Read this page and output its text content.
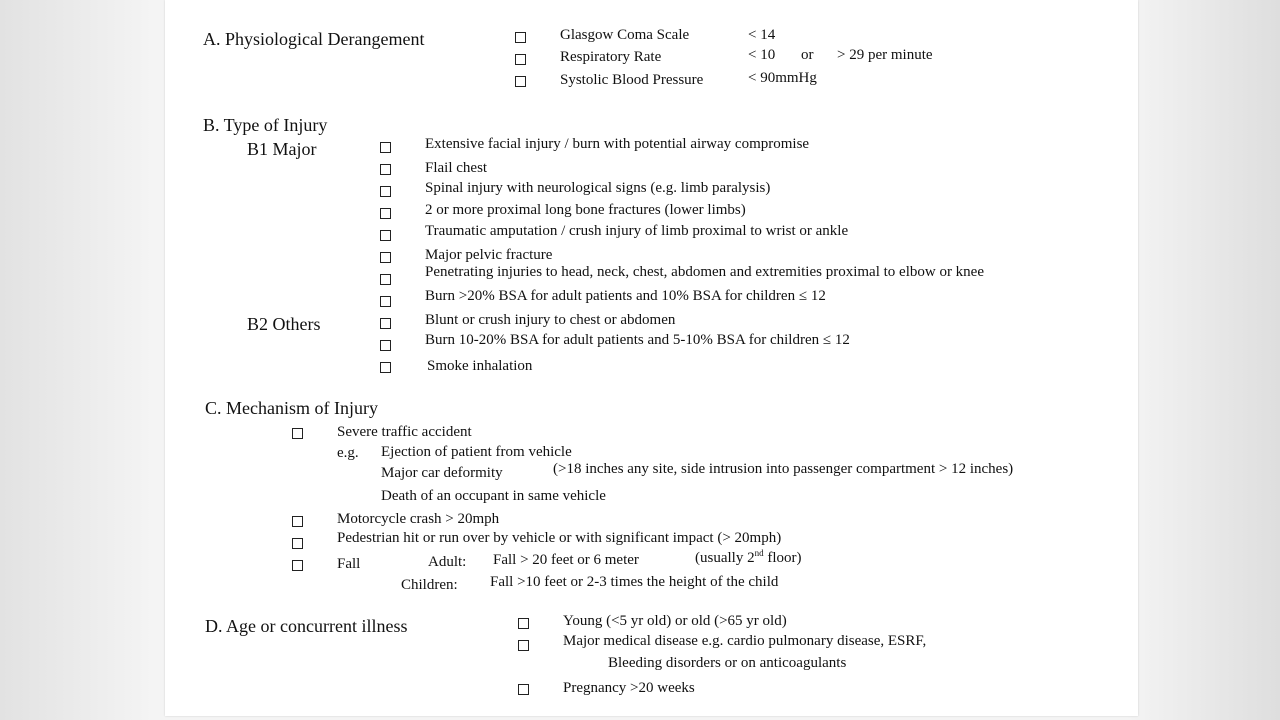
A. Physiological Derangement	Glasgow Coma Scale	< 14
Respiratory Rate	< 10 or > 29 per minute
Systolic Blood Pressure	< 90mmHg
B. Type of Injury
B1 Major	Extensive facial injury / burn with potential airway compromise
Flail chest
Spinal injury with neurological signs (e.g. limb paralysis)
2 or more proximal long bone fractures (lower limbs)
Traumatic amputation / crush injury of limb proximal to wrist or ankle
Major pelvic fracture
Penetrating injuries to head, neck, chest, abdomen and extremities proximal to elbow or knee
Burn >20% BSA for adult patients and 10% BSA for children ≤ 12
B2 Others	Blunt or crush injury to chest or abdomen
Burn 10-20% BSA for adult patients and 5-10% BSA for children ≤ 12
Smoke inhalation
C. Mechanism of Injury
Severe traffic accident
e.g. Ejection of patient from vehicle
Major car deformity	(>18 inches any site, side intrusion into passenger compartment > 12 inches)
Death of an occupant in same vehicle
Motorcycle crash > 20mph
Pedestrian hit or run over by vehicle or with significant impact (> 20mph)
Fall	Adult: Fall > 20 feet or 6 meter	(usually 2nd floor)
Children: Fall >10 feet or 2-3 times the height of the child
D. Age or concurrent illness	Young (<5 yr old) or old (>65 yr old)
Major medical disease e.g. cardio pulmonary disease, ESRF,
Bleeding disorders or on anticoagulants
Pregnancy >20 weeks
